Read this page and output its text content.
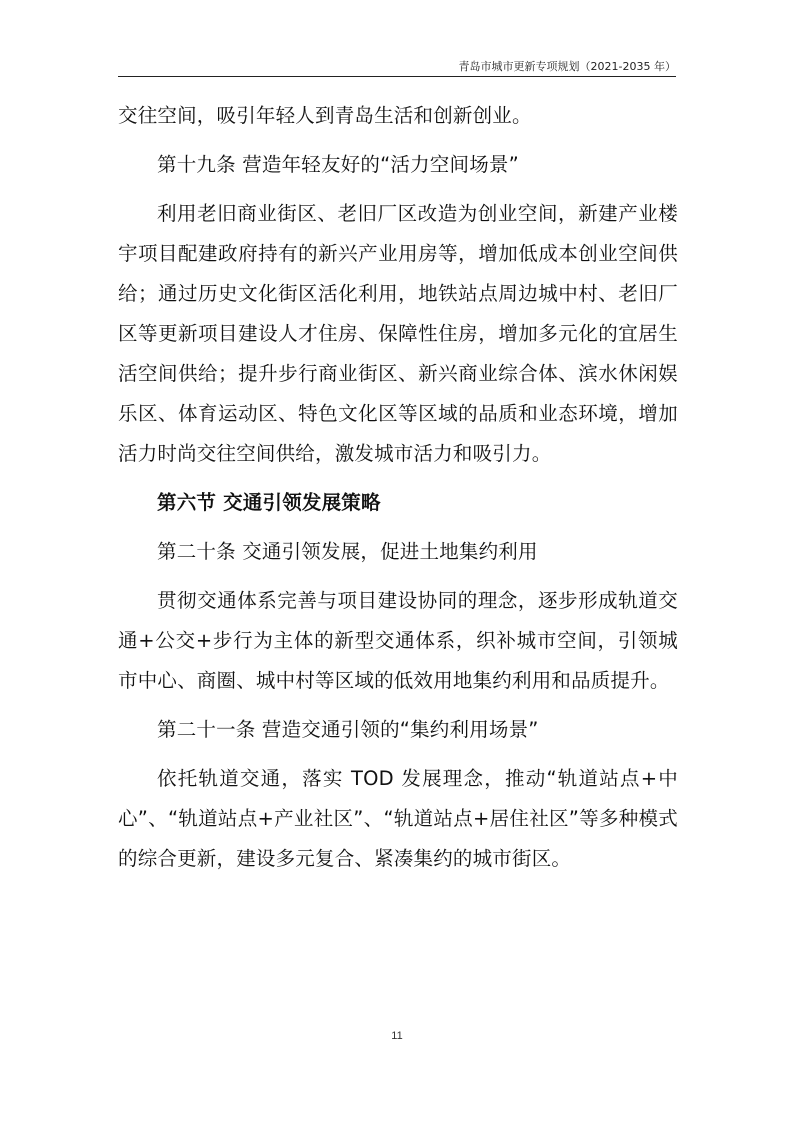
青岛市城市更新专项规划（2021-2035 年）

交往空间，吸引年轻人到青岛生活和创新创业。

第十九条 营造年轻友好的“活力空间场景”

利用老旧商业街区、老旧厂区改造为创业空间，新建产业楼宇项目配建政府持有的新兴产业用房等，增加低成本创业空间供给；通过历史文化街区活化利用，地铁站点周边城中村、老旧厂区等更新项目建设人才住房、保障性住房，增加多元化的宜居生活空间供给；提升步行商业街区、新兴商业综合体、滨水休闲娱乐区、体育运动区、特色文化区等区域的品质和业态环境，增加活力时尚交往空间供给，激发城市活力和吸引力。

第六节 交通引领发展策略

第二十条 交通引领发展，促进土地集约利用

贯彻交通体系完善与项目建设协同的理念，逐步形成轨道交通+公交+步行为主体的新型交通体系，织补城市空间，引领城市中心、商圈、城中村等区域的低效用地集约利用和品质提升。

第二十一条 营造交通引领的“集约利用场景”

依托轨道交通，落实 TOD 发展理念，推动“轨道站点+中心”、“轨道站点+产业社区”、“轨道站点+居住社区”等多种模式的综合更新，建设多元复合、紧凑集约的城市街区。

11
